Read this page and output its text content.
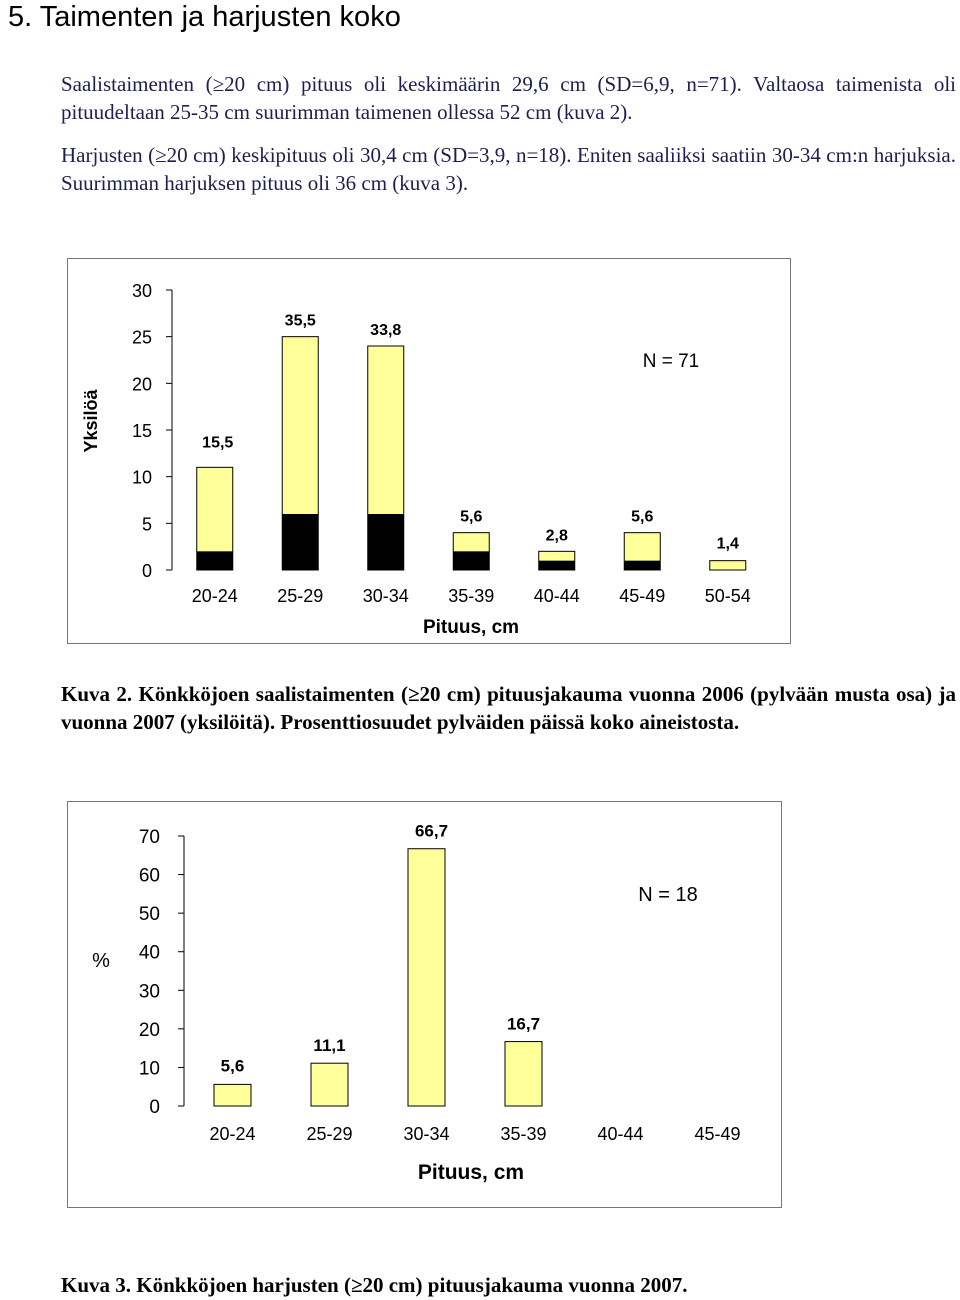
5. Taimenten ja harjusten koko

Saalistaimenten (≥20 cm) pituus oli keskimäärin 29,6 cm (SD=6,9, n=71). Valtaosa taimenista oli pituudeltaan 25-35 cm suurimman taimenen ollessa 52 cm (kuva 2).

Harjusten (≥20 cm) keskipituus oli 30,4 cm (SD=3,9, n=18). Eniten saaliiksi saatiin 30-34 cm:n harjuksia. Suurimman harjuksen pituus oli 36 cm (kuva 3).

0
5
10
15
20
25
30
Yksilöä
20-24
15,5
25-29
35,5
30-34
33,8
35-39
5,6
40-44
2,8
45-49
5,6
50-54
1,4
N = 71
Pituus, cm

Kuva 2. Könkköjoen saalistaimenten (≥20 cm) pituusjakauma vuonna 2006 (pylvään musta osa) ja vuonna 2007 (yksilöitä). Prosenttiosuudet pylväiden päissä koko aineistosta.

0
10
20
30
40
50
60
70
%
20-24
5,6
25-29
11,1
30-34
66,7
35-39
16,7
40-44	45-49
N = 18
Pituus, cm

Kuva 3. Könkköjoen harjusten (≥20 cm) pituusjakauma vuonna 2007.
